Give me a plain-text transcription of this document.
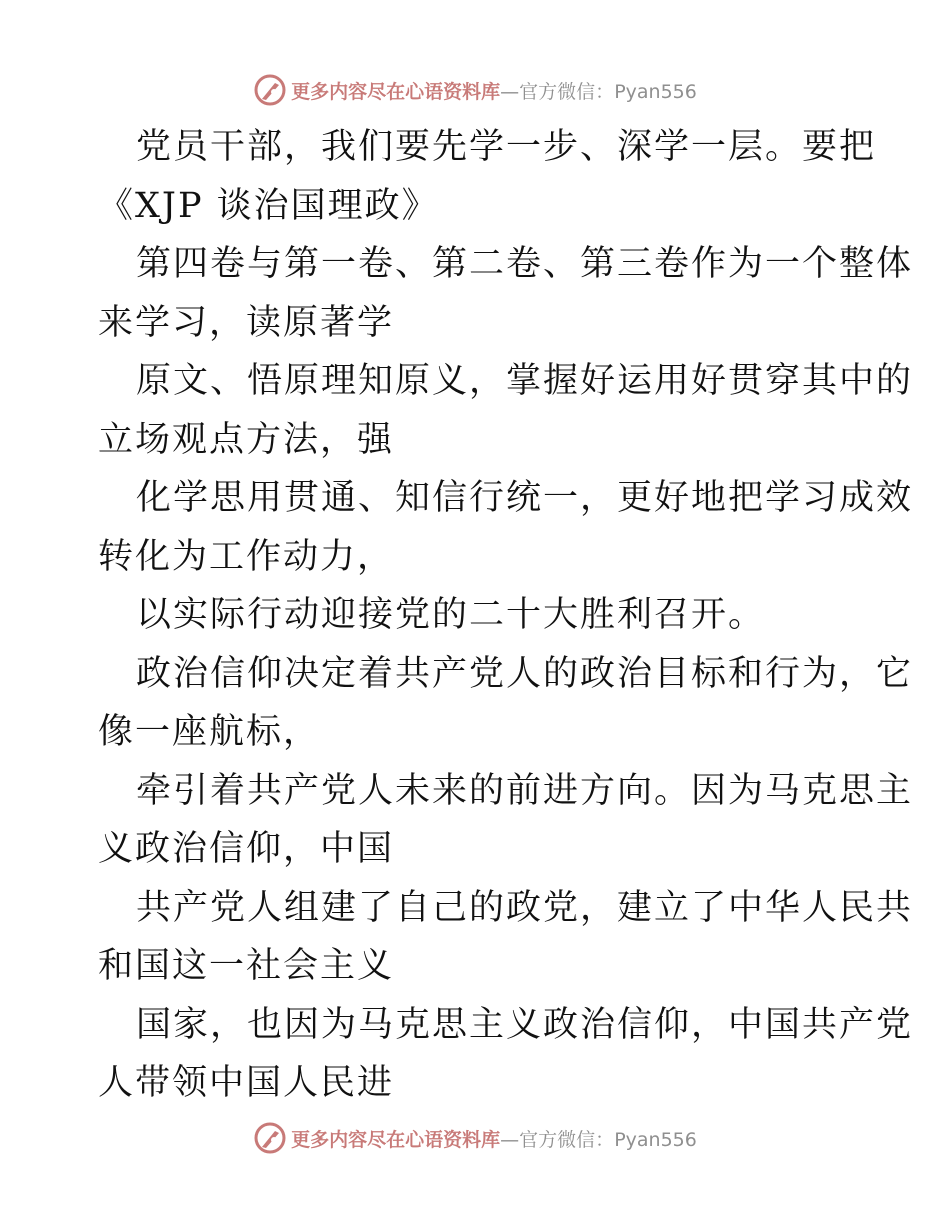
更多内容尽在心语资料库—官方微信：Pyan556
党员干部，我们要先学一步、深学一层。要把
《XJP 谈治国理政》
第四卷与第一卷、第二卷、第三卷作为一个整体
来学习，读原著学
原文、悟原理知原义，掌握好运用好贯穿其中的
立场观点方法，强
化学思用贯通、知信行统一，更好地把学习成效
转化为工作动力，
以实际行动迎接党的二十大胜利召开。
政治信仰决定着共产党人的政治目标和行为，它
像一座航标，
牵引着共产党人未来的前进方向。因为马克思主
义政治信仰，中国
共产党人组建了自己的政党，建立了中华人民共
和国这一社会主义
国家，也因为马克思主义政治信仰，中国共产党
人带领中国人民进
更多内容尽在心语资料库—官方微信：Pyan556
